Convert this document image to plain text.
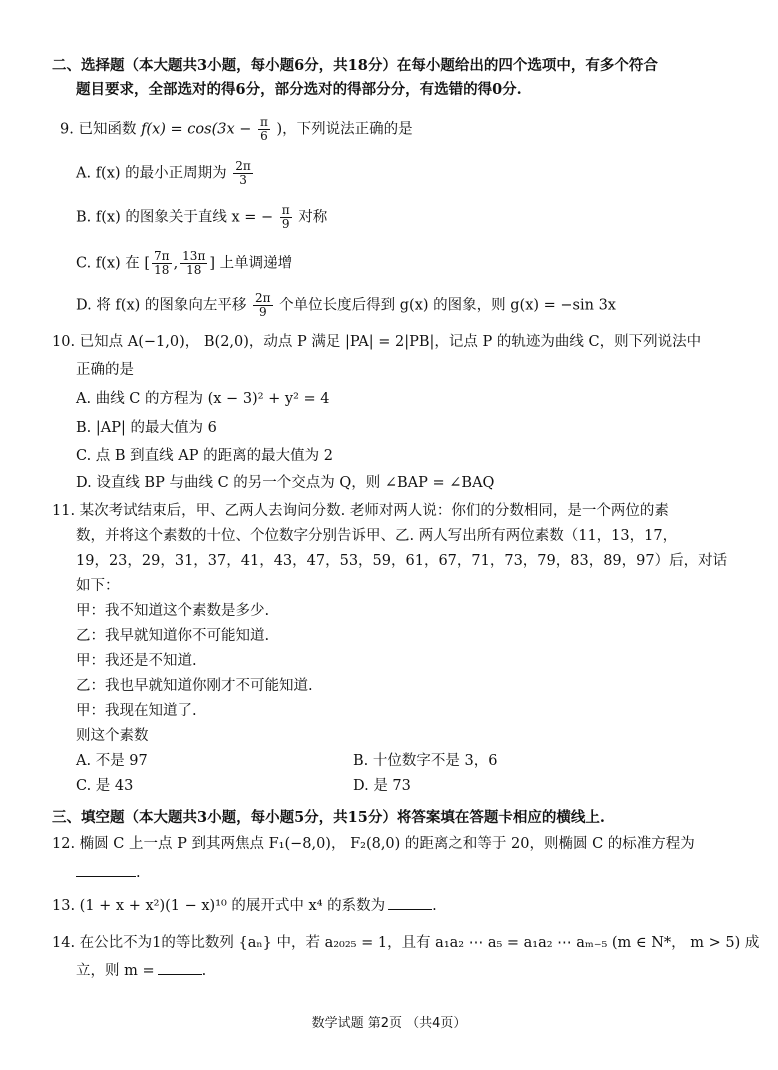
二、选择题（本大题共3小题，每小题6分，共18分）在每小题给出的四个选项中，有多个符合
题目要求，全部选对的得6分，部分选对的得部分分，有选错的得0分.
9. 已知函数 $f(x) = \cos(3x - \frac{\pi}{6}$ )，下列说法正确的是
A. f(x) 的最小正周期为 $\frac{2\pi}{3}$
B. f(x) 的图象关于直线 x = − $\frac{\pi}{9}$ 对称
C. f(x) 在 [ $\frac{7\pi}{18}$ , $\frac{13\pi}{18}$ ] 上单调递增
D. 将 f(x) 的图象向左平移 $\frac{2\pi}{9}$ 个单位长度后得到 g(x) 的图象，则 g(x) = −sin 3x
10. 已知点 A(−1,0)， B(2,0)，动点 P 满足 |PA| = 2|PB|，记点 P 的轨迹为曲线 C，则下列说法中
正确的是
A. 曲线 C 的方程为 (x − 3)² + y² = 4
B. |AP| 的最大值为 6
C. 点 B 到直线 AP 的距离的最大值为 2
D. 设直线 BP 与曲线 C 的另一个交点为 Q，则 ∠BAP = ∠BAQ
11. 某次考试结束后，甲、乙两人去询问分数. 老师对两人说：你们的分数相同，是一个两位的素
数，并将这个素数的十位、个位数字分别告诉甲、乙. 两人写出所有两位素数（11，13，17，
19，23，29，31，37，41，43，47，53，59，61，67，71，73，79，83，89，97）后，对话
如下：
甲：我不知道这个素数是多少.
乙：我早就知道你不可能知道.
甲：我还是不知道.
乙：我也早就知道你刚才不可能知道.
甲：我现在知道了.
则这个素数
A. 不是 97	B. 十位数字不是 3，6
C. 是 43	D. 是 73
三、填空题（本大题共3小题，每小题5分，共15分）将答案填在答题卡相应的横线上.
12. 椭圆 C 上一点 P 到其两焦点 F₁(−8,0)， F₂(8,0) 的距离之和等于 20，则椭圆 C 的标准方程为
.
13. (1 + x + x²)(1 − x)¹⁰ 的展开式中 x⁴ 的系数为	.
14. 在公比不为1的等比数列 {aₙ} 中，若 a₂₀₂₅ = 1，且有 a₁a₂ ⋯ a₅ = a₁a₂ ⋯ aₘ₋₅ (m ∈ N*， m > 5) 成
立，则 m =	.
数学试题 第2页 （共4页）
